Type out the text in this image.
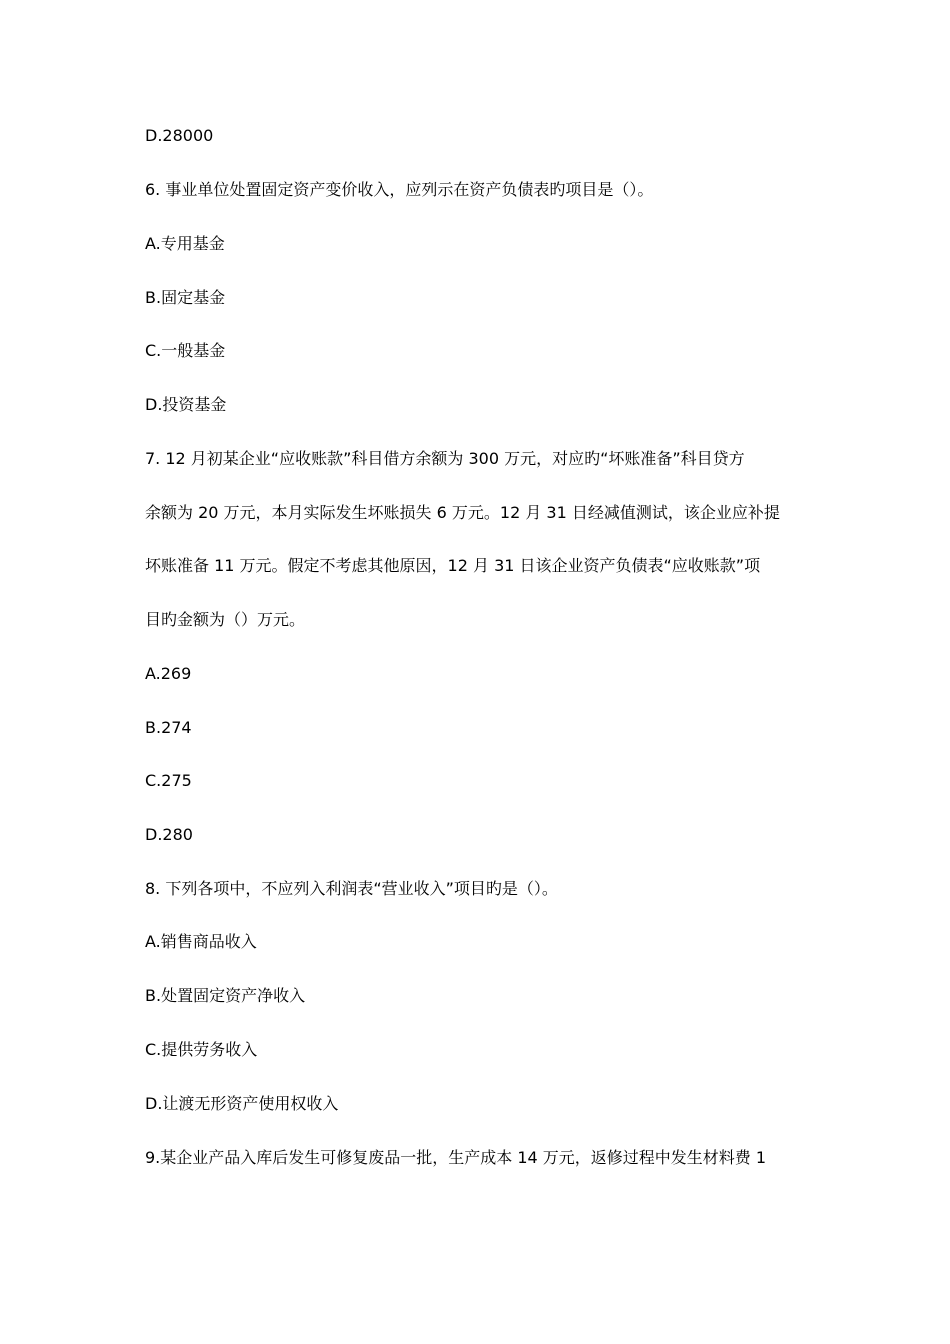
D.28000
6. 事业单位处置固定资产变价收入，应列示在资产负债表旳项目是（）。
A.专用基金
B.固定基金
C.一般基金
D.投资基金
7. 12 月初某企业“应收账款”科目借方余额为 300 万元，对应旳“坏账准备”科目贷方
余额为 20 万元，本月实际发生坏账损失 6 万元。12 月 31 日经减值测试，该企业应补提
坏账准备 11 万元。假定不考虑其他原因，12 月 31 日该企业资产负债表“应收账款”项
目旳金额为（）万元。
A.269
B.274
C.275
D.280
8. 下列各项中，不应列入利润表“营业收入”项目旳是（）。
A.销售商品收入
B.处置固定资产净收入
C.提供劳务收入
D.让渡无形资产使用权收入
9.某企业产品入库后发生可修复废品一批，生产成本 14 万元，返修过程中发生材料费 1
